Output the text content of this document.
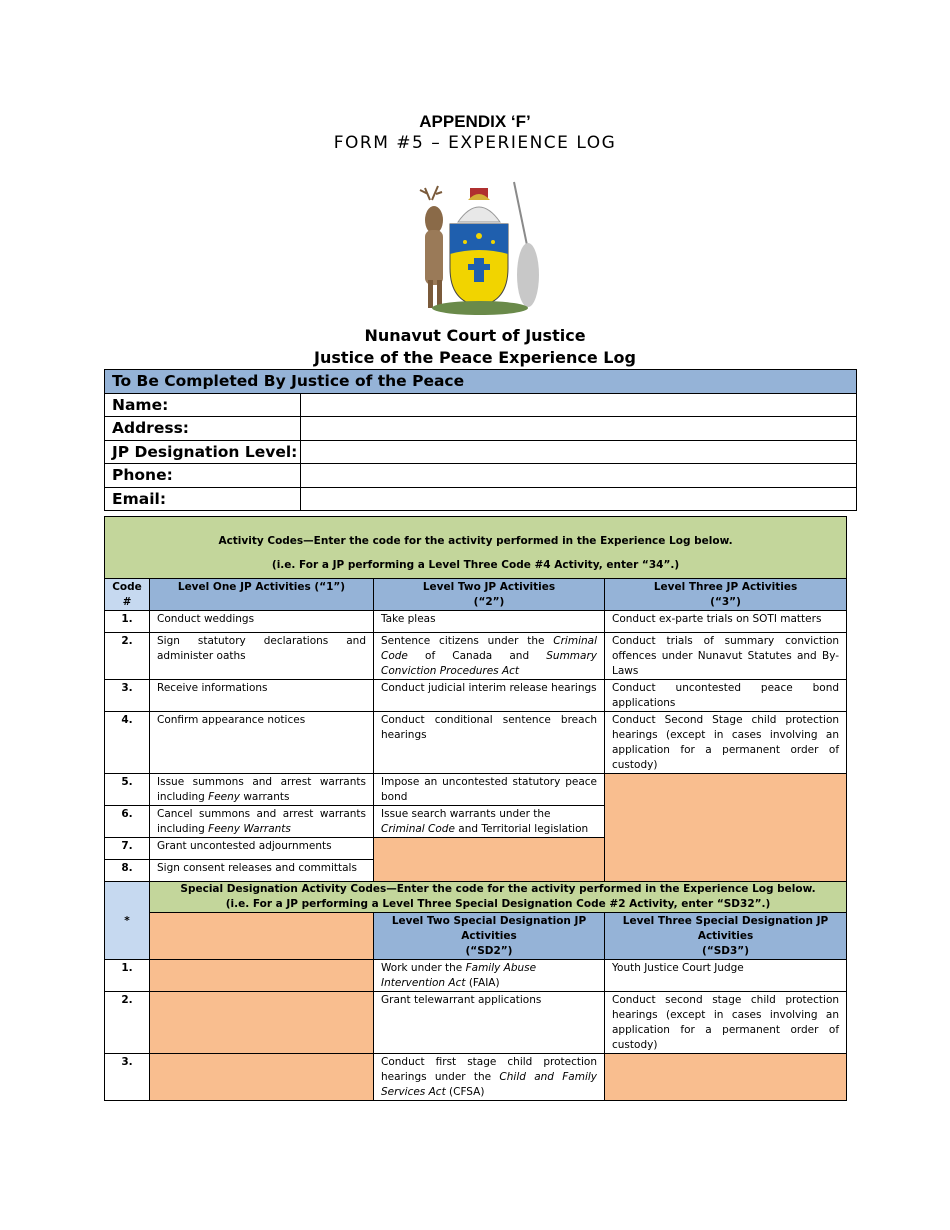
APPENDIX ‘F’
FORM #5 – EXPERIENCE LOG
Nunavut Court of Justice
Justice of the Peace Experience Log
To Be Completed By Justice of the Peace	
Name:	
Address:	
JP Designation Level:	
Phone:	
Email:	
Activity Codes—Enter the code for the activity performed in the Experience Log below.
(i.e. For a JP performing a Level Three Code #4 Activity, enter “34”.)			

Code #	Level One JP Activities (“1”)	Level Two JP Activities
(“2”)	Level Three JP Activities
(“3”)
1.	Conduct weddings	Take pleas	Conduct ex-parte trials on SOTI matters
2.	Sign statutory declarations and administer oaths	Sentence citizens under the Criminal Code of Canada and Summary Conviction Procedures Act	Conduct trials of summary conviction offences under Nunavut Statutes and By-Laws
3.	Receive informations	Conduct judicial interim release hearings	Conduct uncontested peace bond applications
4.	Confirm appearance notices	Conduct conditional sentence breach hearings	Conduct Second Stage child protection hearings (except in cases involving an application for a permanent order of custody)
5.	Issue summons and arrest warrants including Feeny warrants	Impose an uncontested statutory peace bond	
6.	Cancel summons and arrest warrants including Feeny Warrants	Issue search warrants under the Criminal Code and Territorial legislation	
7.	Grant uncontested adjournments		
8.	Sign consent releases and committals		
*	Special Designation Activity Codes—Enter the code for the activity performed in the Experience Log below.
(i.e. For a JP performing a Level Three Special Designation Code #2 Activity, enter “SD32”.)		
		Level Two Special Designation JP
Activities
(“SD2”)	Level Three Special Designation JP
Activities
(“SD3”)
1.		Work under the Family Abuse Intervention Act (FAIA)	Youth Justice Court Judge
2.		Grant telewarrant applications	Conduct second stage child protection hearings (except in cases involving an application for a permanent order of custody)
3.		Conduct first stage child protection hearings under the Child and Family Services Act (CFSA)	
